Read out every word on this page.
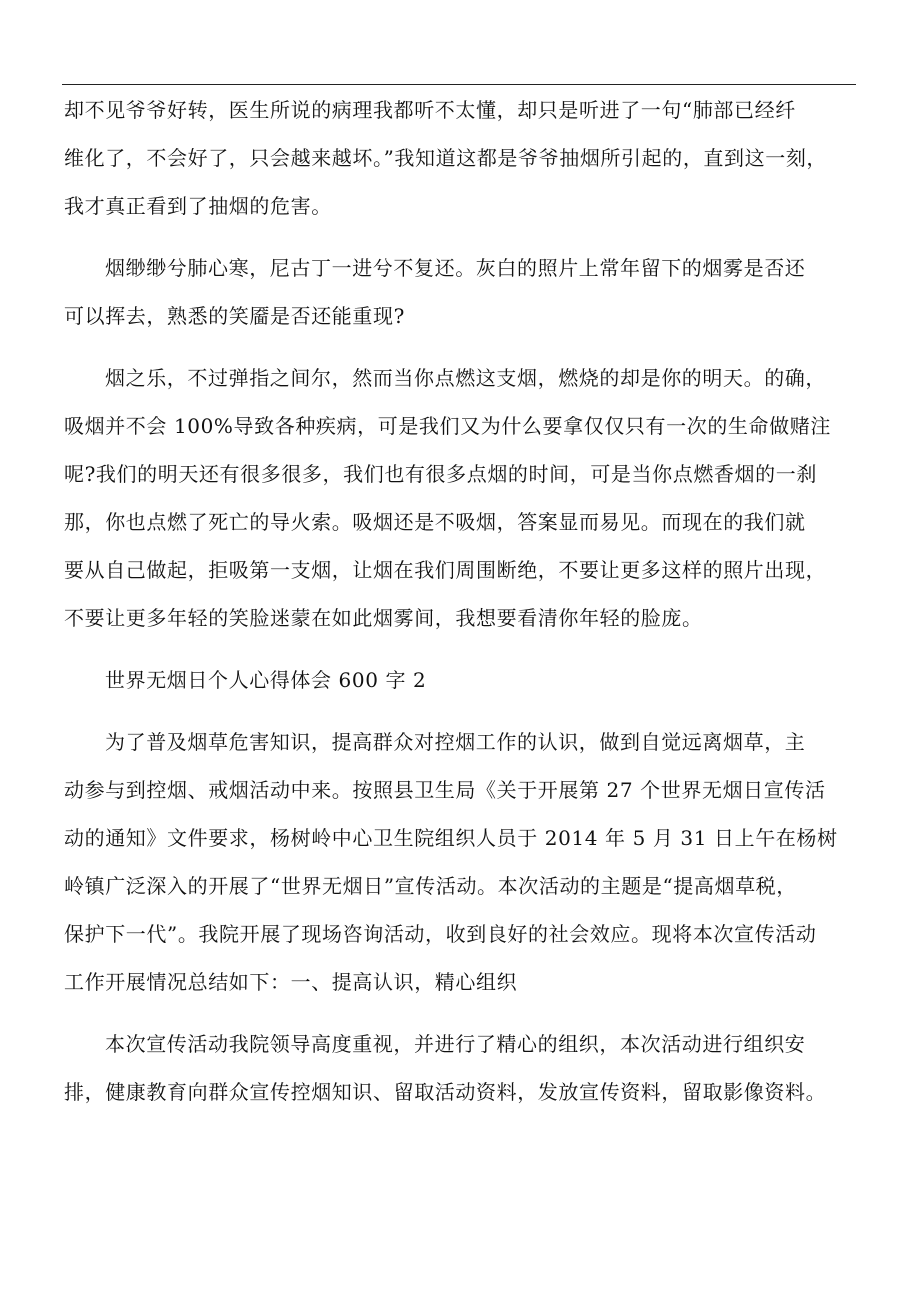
却不见爷爷好转，医生所说的病理我都听不太懂，却只是听进了一句“肺部已经纤
维化了，不会好了，只会越来越坏。”我知道这都是爷爷抽烟所引起的，直到这一刻，
我才真正看到了抽烟的危害。
烟缈缈兮肺心寒，尼古丁一进兮不复还。灰白的照片上常年留下的烟雾是否还
可以挥去，熟悉的笑靥是否还能重现?
烟之乐，不过弹指之间尔，然而当你点燃这支烟，燃烧的却是你的明天。的确，
吸烟并不会 100%导致各种疾病，可是我们又为什么要拿仅仅只有一次的生命做赌注
呢?我们的明天还有很多很多，我们也有很多点烟的时间，可是当你点燃香烟的一刹
那，你也点燃了死亡的导火索。吸烟还是不吸烟，答案显而易见。而现在的我们就
要从自己做起，拒吸第一支烟，让烟在我们周围断绝，不要让更多这样的照片出现，
不要让更多年轻的笑脸迷蒙在如此烟雾间，我想要看清你年轻的脸庞。
世界无烟日个人心得体会 600 字 2
为了普及烟草危害知识，提高群众对控烟工作的认识，做到自觉远离烟草，主
动参与到控烟、戒烟活动中来。按照县卫生局《关于开展第 27 个世界无烟日宣传活
动的通知》文件要求，杨树岭中心卫生院组织人员于 2014 年 5 月 31 日上午在杨树
岭镇广泛深入的开展了“世界无烟日”宣传活动。本次活动的主题是“提高烟草税，
保护下一代”。我院开展了现场咨询活动，收到良好的社会效应。现将本次宣传活动
工作开展情况总结如下：一、提高认识，精心组织
本次宣传活动我院领导高度重视，并进行了精心的组织，本次活动进行组织安
排，健康教育向群众宣传控烟知识、留取活动资料，发放宣传资料，留取影像资料。
